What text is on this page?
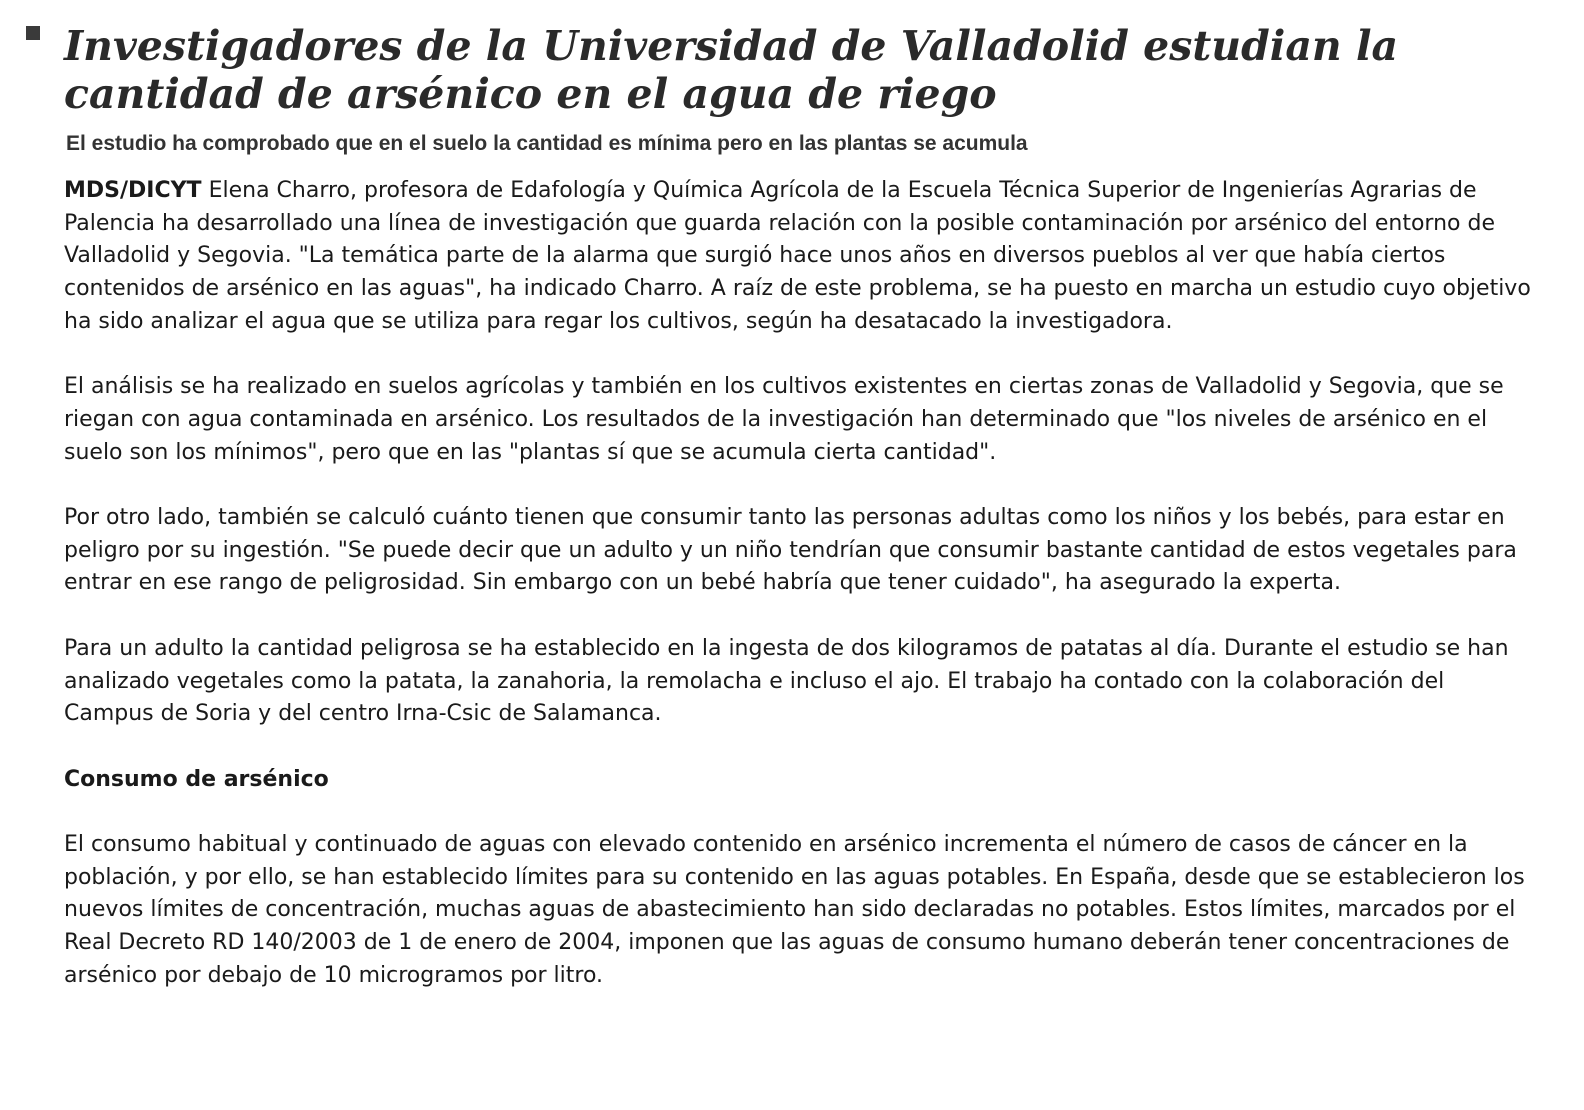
Investigadores de la Universidad de Valladolid estudian la cantidad de arsénico en el agua de riego
El estudio ha comprobado que en el suelo la cantidad es mínima pero en las plantas se acumula

MDS/DICYT Elena Charro, profesora de Edafología y Química Agrícola de la Escuela Técnica Superior de Ingenierías Agrarias de Palencia ha desarrollado una línea de investigación que guarda relación con la posible contaminación por arsénico del entorno de Valladolid y Segovia. "La temática parte de la alarma que surgió hace unos años en diversos pueblos al ver que había ciertos contenidos de arsénico en las aguas", ha indicado Charro. A raíz de este problema, se ha puesto en marcha un estudio cuyo objetivo ha sido analizar el agua que se utiliza para regar los cultivos, según ha desatacado la investigadora.

El análisis se ha realizado en suelos agrícolas y también en los cultivos existentes en ciertas zonas de Valladolid y Segovia, que se riegan con agua contaminada en arsénico. Los resultados de la investigación han determinado que "los niveles de arsénico en el suelo son los mínimos", pero que en las "plantas sí que se acumula cierta cantidad".

Por otro lado, también se calculó cuánto tienen que consumir tanto las personas adultas como los niños y los bebés, para estar en peligro por su ingestión. "Se puede decir que un adulto y un niño tendrían que consumir bastante cantidad de estos vegetales para entrar en ese rango de peligrosidad. Sin embargo con un bebé habría que tener cuidado", ha asegurado la experta.

Para un adulto la cantidad peligrosa se ha establecido en la ingesta de dos kilogramos de patatas al día. Durante el estudio se han analizado vegetales como la patata, la zanahoria, la remolacha e incluso el ajo. El trabajo ha contado con la colaboración del Campus de Soria y del centro Irna-Csic de Salamanca.

Consumo de arsénico

El consumo habitual y continuado de aguas con elevado contenido en arsénico incrementa el número de casos de cáncer en la población, y por ello, se han establecido límites para su contenido en las aguas potables. En España, desde que se establecieron los nuevos límites de concentración, muchas aguas de abastecimiento han sido declaradas no potables. Estos límites, marcados por el Real Decreto RD 140/2003 de 1 de enero de 2004, imponen que las aguas de consumo humano deberán tener concentraciones de arsénico por debajo de 10 microgramos por litro.
